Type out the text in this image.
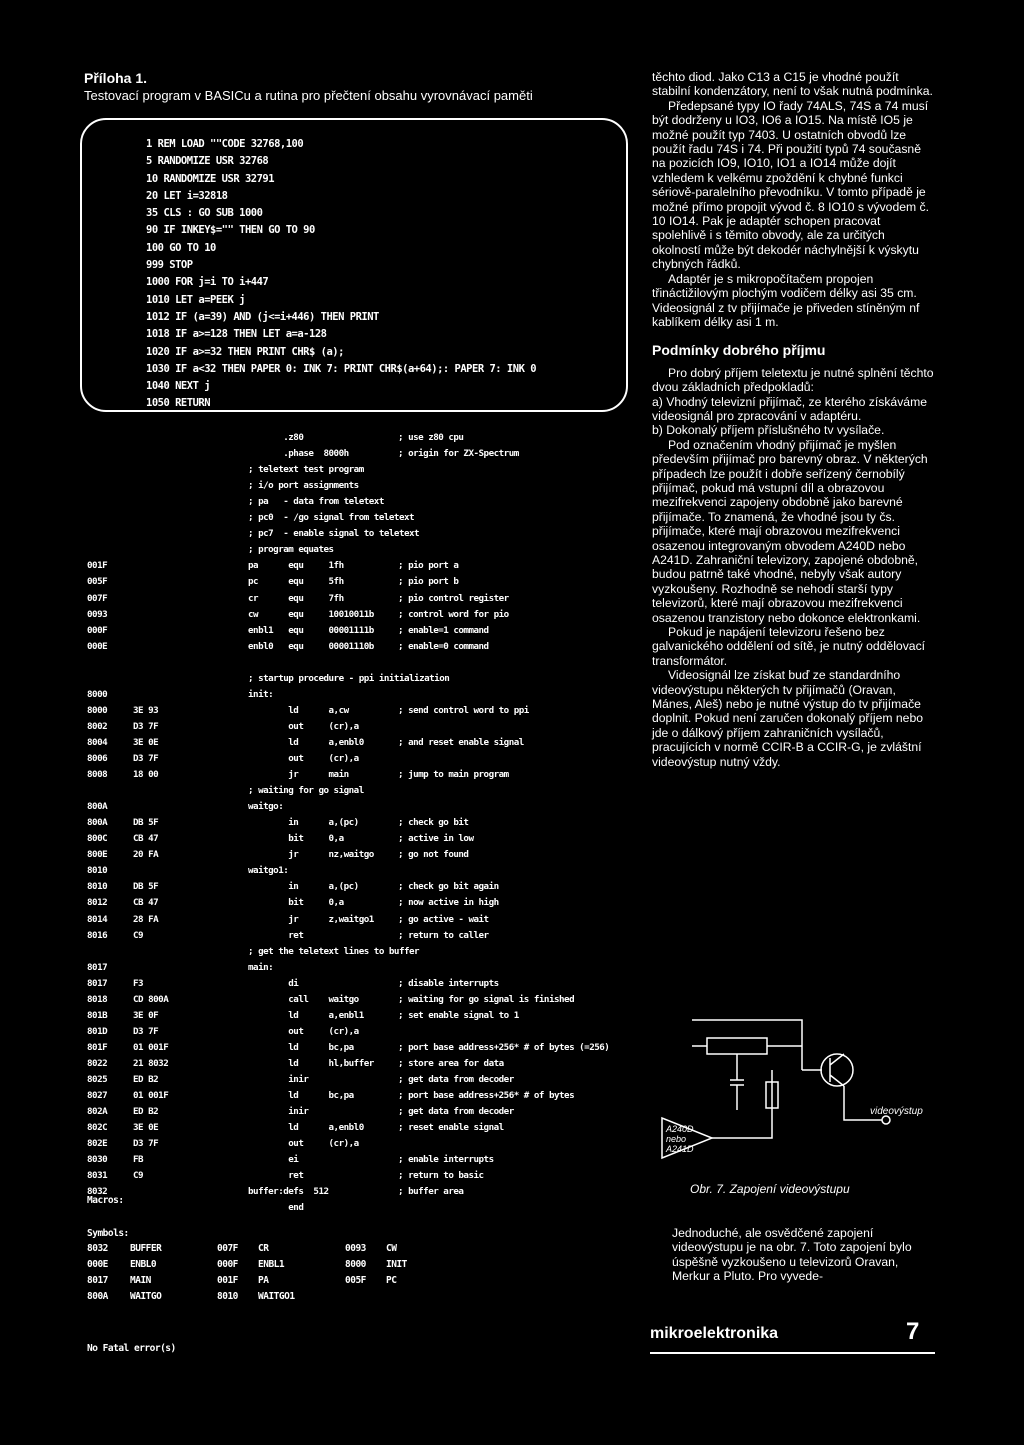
Příloha 1.
Testovací program v BASICu a rutina pro přečtení obsahu vyrovnávací paměti
1 REM LOAD ""CODE 32768,100
5 RANDOMIZE USR 32768
10 RANDOMIZE USR 32791
20 LET i=32818
35 CLS : GO SUB 1000
90 IF INKEY$="" THEN GO TO 90
100 GO TO 10
999 STOP
1000 FOR j=i TO i+447
1010 LET a=PEEK j
1012 IF (a=39) AND (j<=i+446) THEN PRINT
1018 IF a>=128 THEN LET a=a-128
1020 IF a>=32 THEN PRINT CHR$ (a);
1030 IF a<32 THEN PAPER 0: INK 7: PRINT CHR$(a+64);: PAPER 7: INK 0
1040 NEXT j
1050 RETURN
.z80	; use z80 cpu
.phase  8000h	; origin for ZX-Spectrum
; teletext test program
; i/o port assignments
; pa   - data from teletext
; pc0  - /go signal from teletext
; pc7  - enable signal to teletext
; program equates
001F	pa      equ     1fh	; pio port a
005F	pc      equ     5fh	; pio port b
007F	cr      equ     7fh	; pio control register
0093	cw      equ     10010011b	; control word for pio
000F	enbl1   equ     00001111b	; enable=1 command
000E	enbl0   equ     00001110b	; enable=0 command
; startup procedure - ppi initialization
8000	init:
8000	3E 93	ld      a,cw	; send control word to ppi
8002	D3 7F	out     (cr),a
8004	3E 0E	ld      a,enbl0	; and reset enable signal
8006	D3 7F	out     (cr),a
8008	18 00	jr      main	; jump to main program
; waiting for go signal
800A	waitgo:
800A	DB 5F	in      a,(pc)	; check go bit
800C	CB 47	bit     0,a	; active in low
800E	20 FA	jr      nz,waitgo	; go not found
8010	waitgo1:
8010	DB 5F	in      a,(pc)	; check go bit again
8012	CB 47	bit     0,a	; now active in high
8014	28 FA	jr      z,waitgo1	; go active - wait
8016	C9	ret	; return to caller
; get the teletext lines to buffer
8017	main:
8017	F3	di	; disable interrupts
8018	CD 800A	call    waitgo	; waiting for go signal is finished
801B	3E 0F	ld      a,enbl1	; set enable signal to 1
801D	D3 7F	out     (cr),a
801F	01 001F	ld      bc,pa	; port base address+256* # of bytes (=256)
8022	21 8032	ld      hl,buffer	; store area for data
8025	ED B2	inir	; get data from decoder
8027	01 001F	ld      bc,pa	; port base address+256* # of bytes
802A	ED B2	inir	; get data from decoder
802C	3E 0E	ld      a,enbl0	; reset enable signal
802E	D3 7F	out     (cr),a
8030	FB	ei	; enable interrupts
8031	C9	ret	; return to basic
8032	buffer:defs  512	; buffer area
end
Macros:
Symbols:
8032 BUFFER	007F CR	0093 CW
000E ENBL0	000F ENBL1	8000 INIT
8017 MAIN	001F PA	005F PC
800A WAITGO	8010 WAITGO1
No Fatal error(s)

těchto diod. Jako C13 a C15 je vhodné použít stabilní kondenzátory, není to však nutná podmínka.

Předepsané typy IO řady 74ALS, 74S a 74 musí být dodrženy u IO3, IO6 a IO15. Na místě IO5 je možné použít typ 7403. U ostatních obvodů lze použít řadu 74S i 74. Při použití typů 74 současně na pozicích IO9, IO10, IO1 a IO14 může dojít vzhledem k velkému zpoždění k chybné funkci sériově-paralelního převodníku. V tomto případě je možné přímo propojit vývod č. 8 IO10 s vývodem č. 10 IO14. Pak je adaptér schopen pracovat spolehlivě i s těmito obvody, ale za určitých okolností může být dekodér náchylnější k výskytu chybných řádků.

Adaptér je s mikropočítačem propojen třináctižilovým plochým vodičem délky asi 35 cm. Videosignál z tv přijímače je přiveden stíněným nf kablíkem délky asi 1 m.

Podmínky dobrého příjmu

Pro dobrý příjem teletextu je nutné splnění těchto dvou základních předpokladů:

a) Vhodný televizní přijímač, ze kterého získáváme videosignál pro zpracování v adaptéru.

b) Dokonalý příjem příslušného tv vysílače.

Pod označením vhodný přijímač je myšlen především přijímač pro barevný obraz. V některých případech lze použít i dobře seřízený černobílý přijímač, pokud má vstupní díl a obrazovou mezifrekvenci zapojeny obdobně jako barevné přijímače. To znamená, že vhodné jsou ty čs. přijímače, které mají obrazovou mezifrekvenci osazenou integrovaným obvodem A240D nebo A241D. Zahraniční televizory, zapojené obdobně, budou patrně také vhodné, nebyly však autory vyzkoušeny. Rozhodně se nehodí starší typy televizorů, které mají obrazovou mezifrekvenci osazenou tranzistory nebo dokonce elektronkami.

Pokud je napájení televizoru řešeno bez galvanického oddělení od sítě, je nutný oddělovací transformátor.

Videosignál lze získat buď ze standardního videovýstupu některých tv přijímačů (Oravan, Mánes, Aleš) nebo je nutné výstup do tv přijímače doplnit. Pokud není zaručen dokonalý příjem nebo jde o dálkový příjem zahraničních vysílačů, pracujících v normě CCIR-B a CCIR-G, je zvláštní videovýstup nutný vždy.

A240D
nebo
A241D
videovýstup
Obr. 7. Zapojení videovýstupu
Jednoduché, ale osvědčené zapojení videovýstupu je na obr. 7. Toto zapojení bylo úspěšně vyzkoušeno u televizorů Oravan, Merkur a Pluto. Pro vyvede-
mikroelektronika	7
